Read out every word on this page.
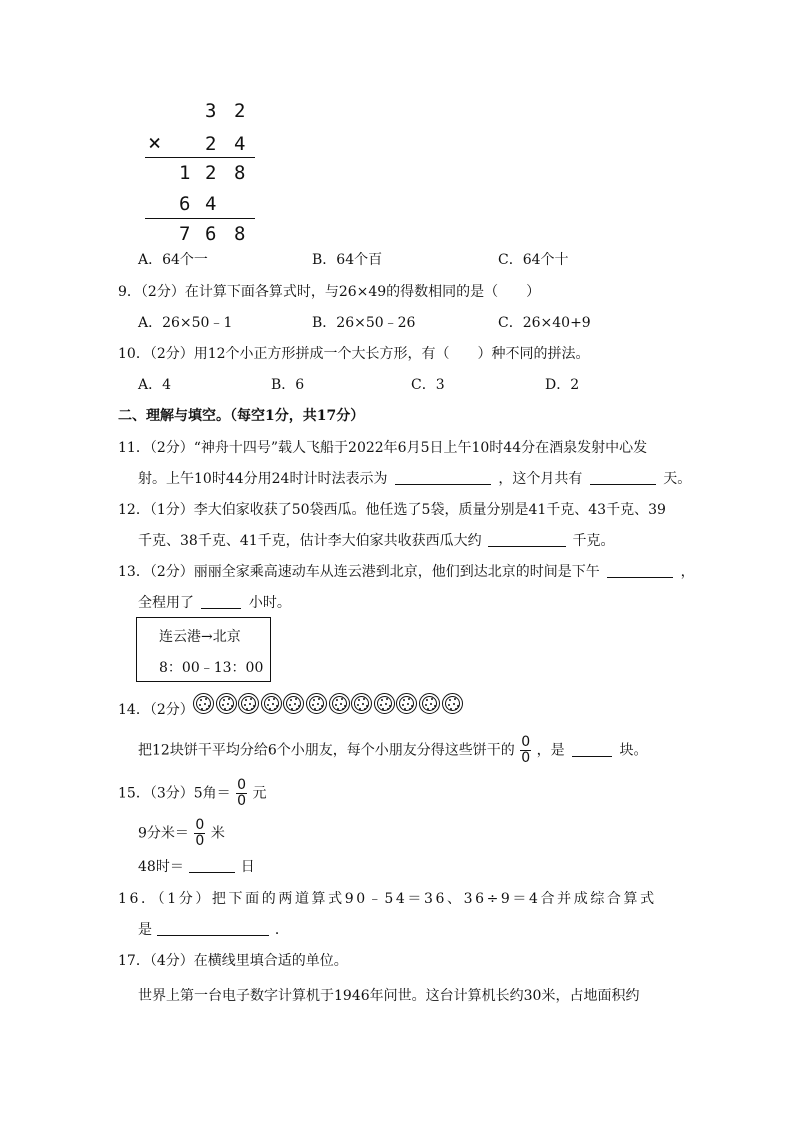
3 2
× 2 4
1 2 8
6 4
7 6 8
A．64个一	B．64个百	C．64个十
9．（2分）在计算下面各算式时，与26×49的得数相同的是（　　）
A．26×50﹣1	B．26×50﹣26	C．26×40+9
10．（2分）用12个小正方形拼成一个大长方形，有（　　）种不同的拼法。
A．4	B．6	C．3	D．2
二、理解与填空。（每空1分，共17分）
11．（2分）“神舟十四号”载人飞船于2022年6月5日上午10时44分在酒泉发射中心发
射。上午10时44分用24时计时法表示为	，这个月共有	天。
12．（1分）李大伯家收获了50袋西瓜。他任选了5袋，质量分别是41千克、43千克、39
千克、38千克、41千克，估计李大伯家共收获西瓜大约	千克。
13．（2分）丽丽全家乘高速动车从连云港到北京，他们到达北京的时间是下午	，
全程用了	小时。
连云港→北京
8：00﹣13：00
14．（2分）
把12块饼干平均分给6个小朋友，每个小朋友分得这些饼干的 $\frac{0}{0}$ ，是	块。
15．（3分）5角＝ $\frac{0}{0}$ 元
9分米＝ $\frac{0}{0}$ 米
48时＝	日
16．（1分）把下面的两道算式90﹣54＝36、36÷9＝4合并成综合算式
是	．
17．（4分）在横线里填合适的单位。
世界上第一台电子数字计算机于1946年问世。这台计算机长约30米，占地面积约
